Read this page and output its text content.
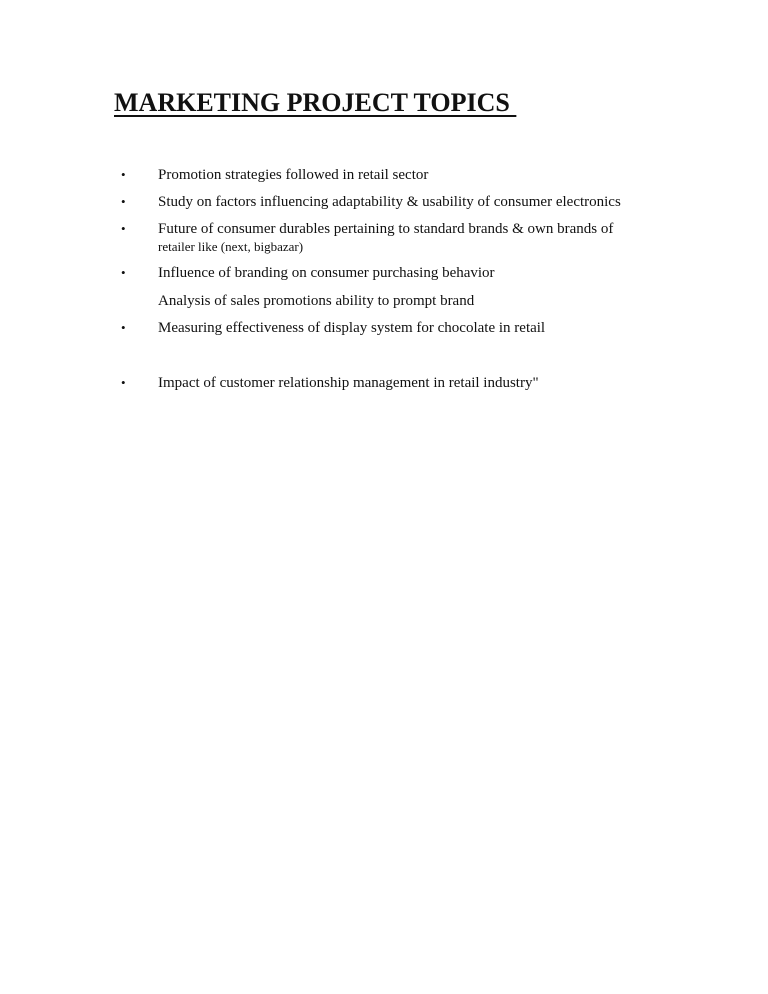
MARKETING PROJECT TOPICS
• Promotion strategies followed in retail sector
• Study on factors influencing adaptability & usability of consumer electronics
• Future of consumer durables pertaining to standard brands & own brands of
retailer like (next, bigbazar)
• Influence of branding on consumer purchasing behavior
Analysis of sales promotions ability to prompt brand
• Measuring effectiveness of display system for chocolate in retail
• Impact of customer relationship management in retail industry"
